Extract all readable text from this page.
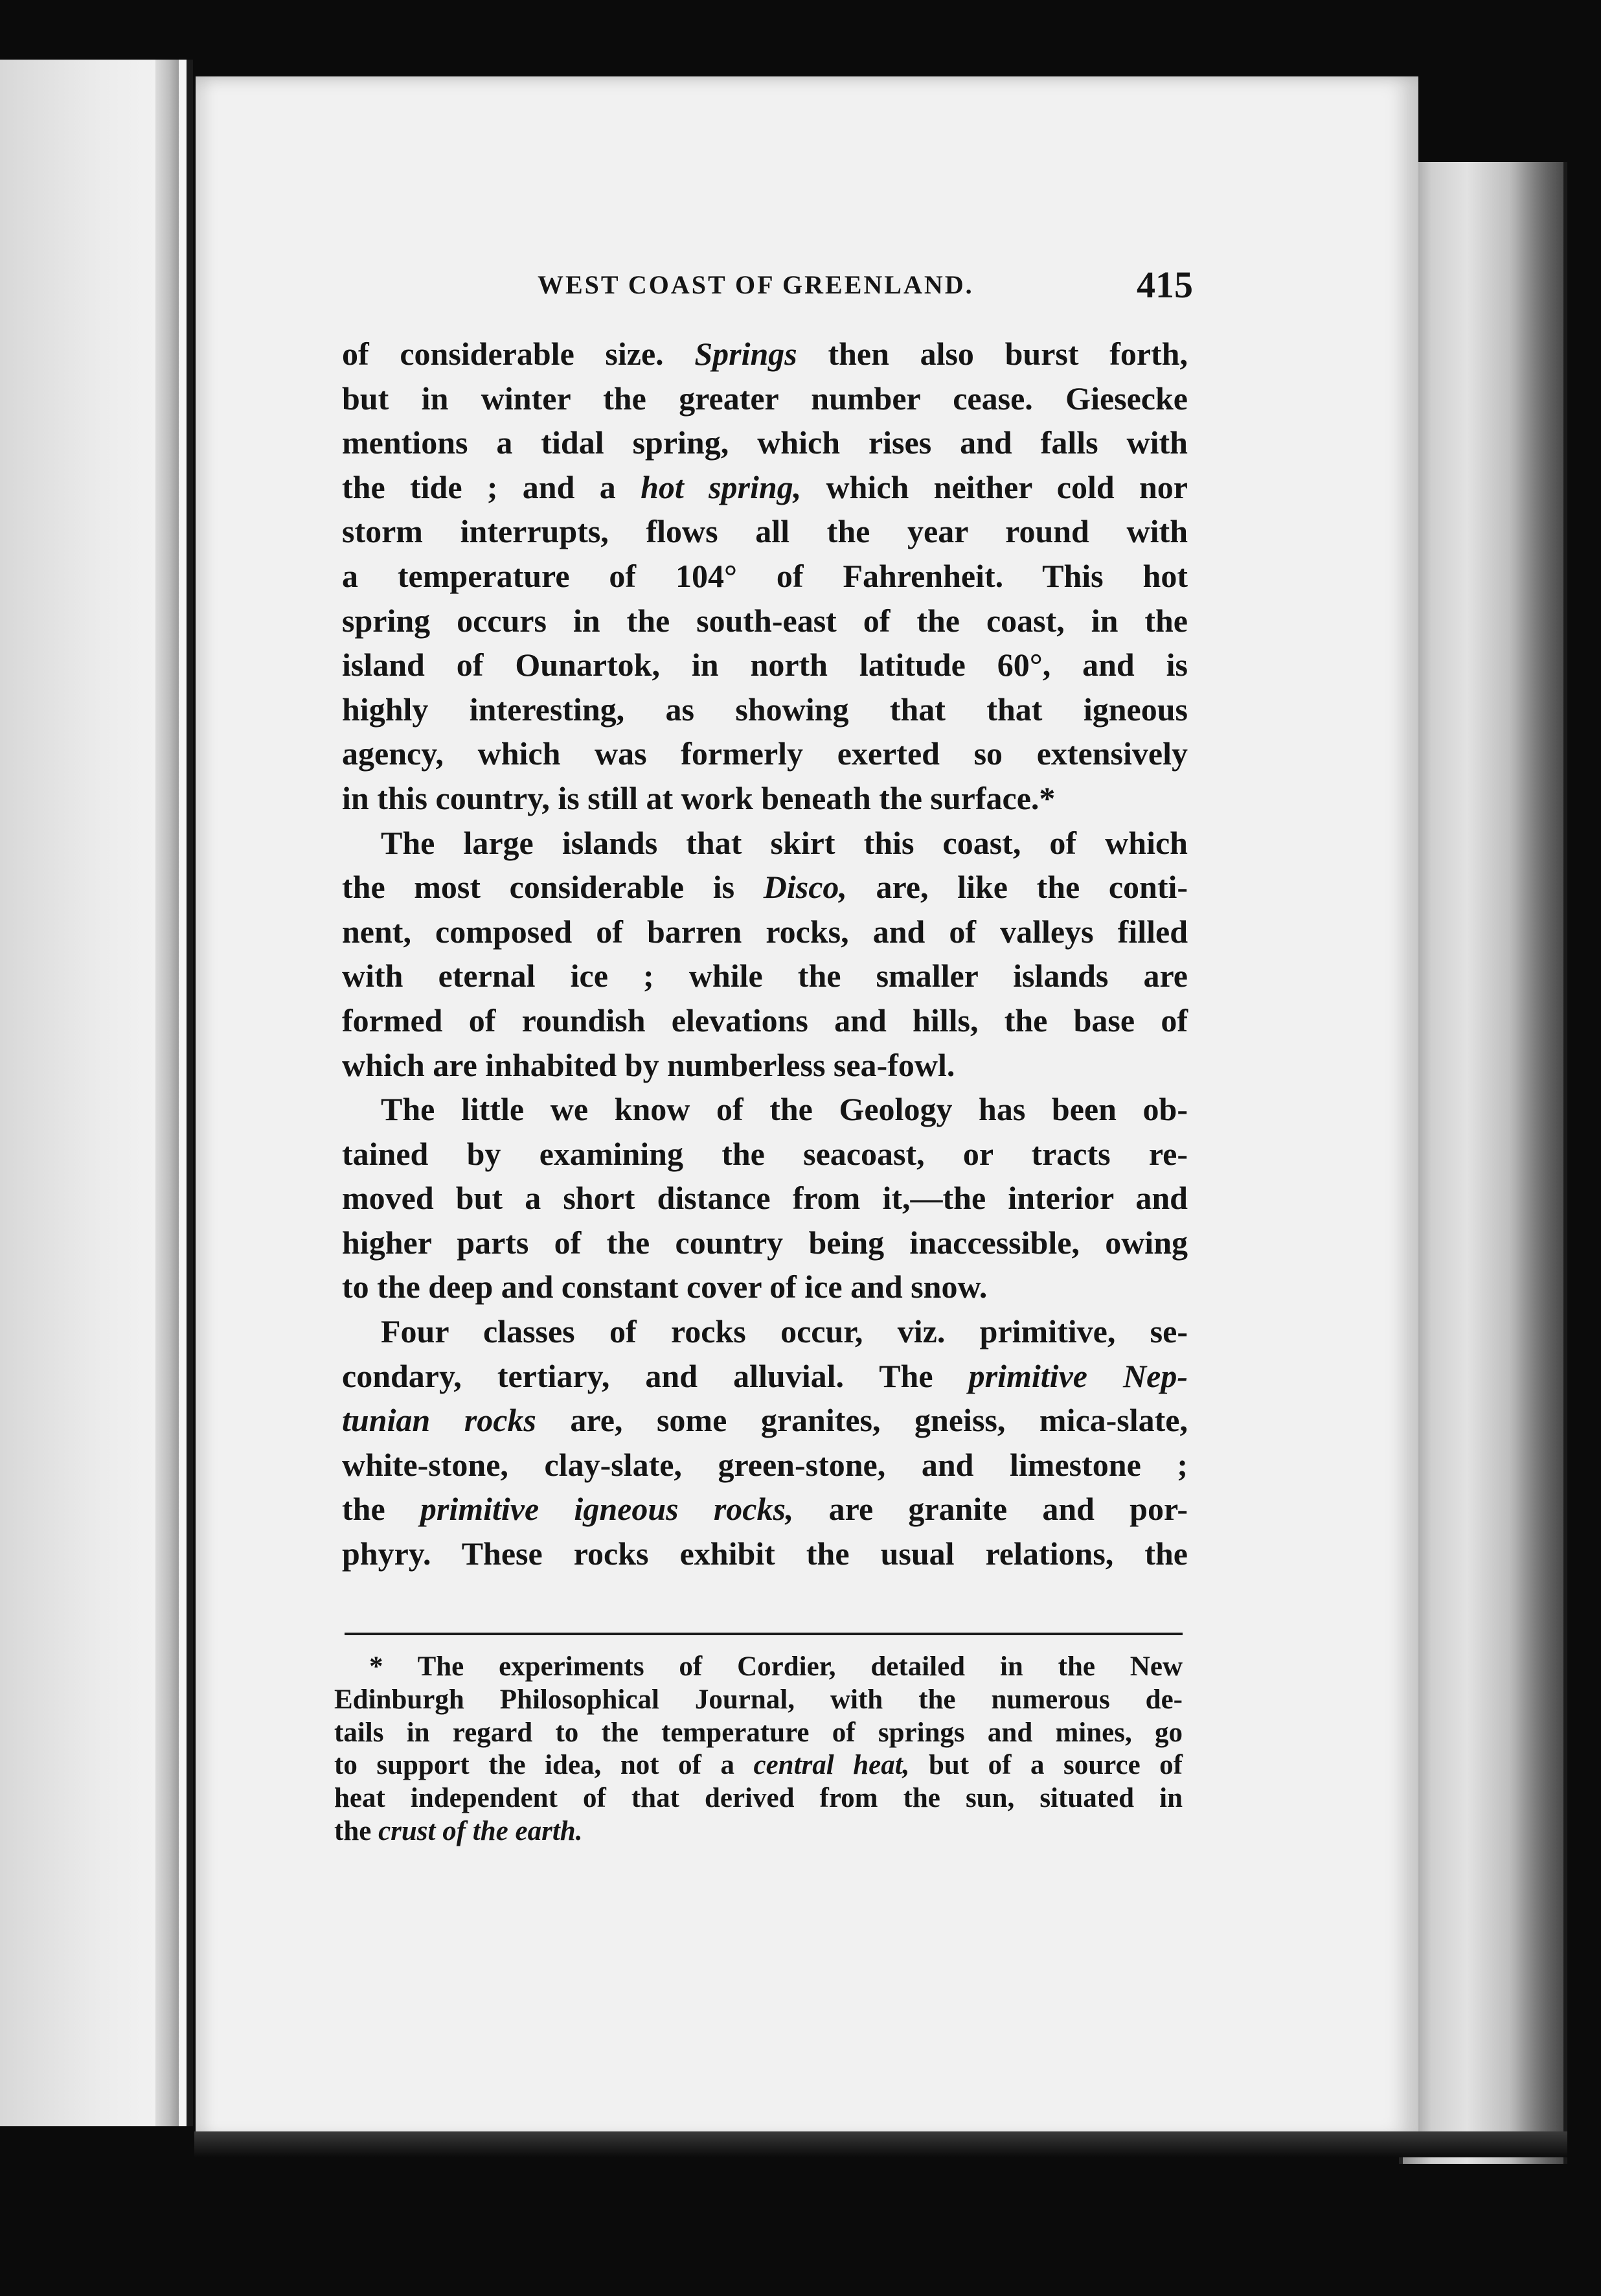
WEST COAST OF GREENLAND.	415
of considerable size. Springs then also burst forth,
but in winter the greater number cease. Giesecke
mentions a tidal spring, which rises and falls with
the tide ; and a hot spring, which neither cold nor
storm interrupts, flows all the year round with
a temperature of 104° of Fahrenheit. This hot
spring occurs in the south-east of the coast, in the
island of Ounartok, in north latitude 60°, and is
highly interesting, as showing that that igneous
agency, which was formerly exerted so extensively
in this country, is still at work beneath the surface.*
The large islands that skirt this coast, of which
the most considerable is Disco, are, like the conti-
nent, composed of barren rocks, and of valleys filled
with eternal ice ; while the smaller islands are
formed of roundish elevations and hills, the base of
which are inhabited by numberless sea-fowl.
The little we know of the Geology has been ob-
tained by examining the seacoast, or tracts re-
moved but a short distance from it,—the interior and
higher parts of the country being inaccessible, owing
to the deep and constant cover of ice and snow.
Four classes of rocks occur, viz. primitive, se-
condary, tertiary, and alluvial. The primitive Nep-
tunian rocks are, some granites, gneiss, mica-slate,
white-stone, clay-slate, green-stone, and limestone ;
the primitive igneous rocks, are granite and por-
phyry. These rocks exhibit the usual relations, the
* The experiments of Cordier, detailed in the New
Edinburgh Philosophical Journal, with the numerous de-
tails in regard to the temperature of springs and mines, go
to support the idea, not of a central heat, but of a source of
heat independent of that derived from the sun, situated in
the crust of the earth.
